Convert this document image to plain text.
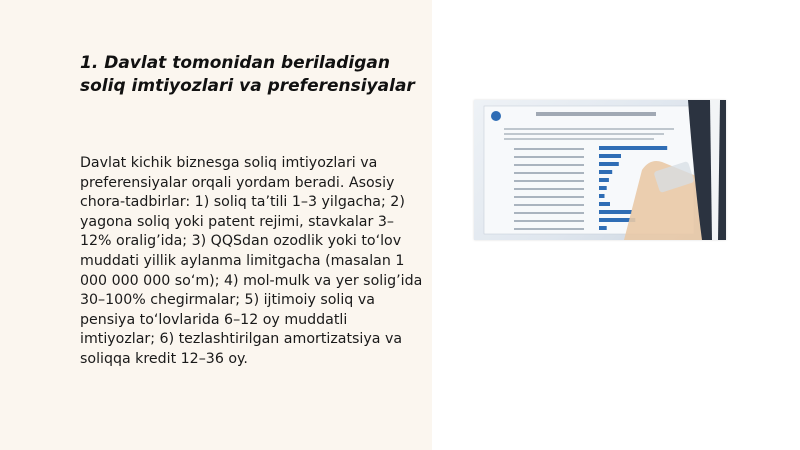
1. Davlat tomonidan beriladigan soliq imtiyozlari va preferensiyalar
Davlat kichik biznesga soliq imtiyozlari va preferensiyalar orqali yordam beradi. Asosiy chora-tadbirlar: 1) soliq ta’tili 1–3 yilgacha; 2) yagona soliq yoki patent rejimi, stavkalar 3–12% oralig’ida; 3) QQSdan ozodlik yoki to‘lov muddati yillik aylanma limitgacha (masalan 1 000 000 000 so‘m); 4) mol-mulk va yer solig’ida 30–100% chegirmalar; 5) ijtimoiy soliq va pensiya to‘lovlarida 6–12 oy muddatli imtiyozlar; 6) tezlashtirilgan amortizatsiya va soliqqa kredit 12–36 oy.
